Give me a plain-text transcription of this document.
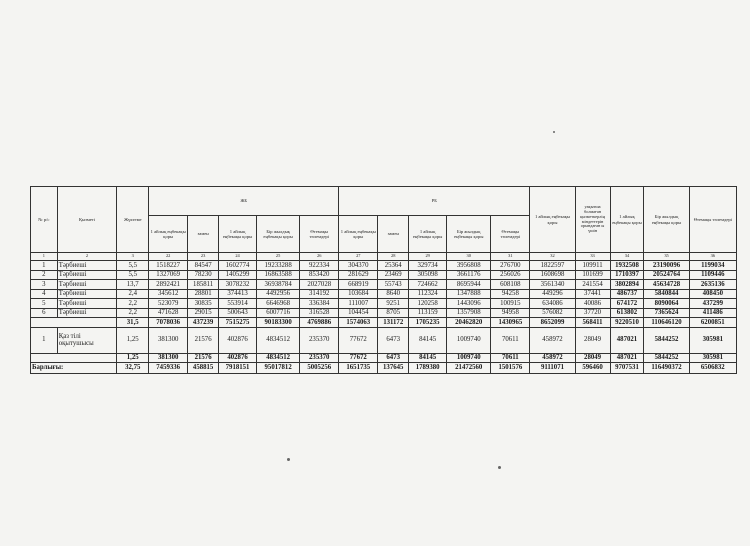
№ р/с	Қызметі	Жүктеме	ЖБ					РБ					1 айлық еңбекақы қоры	уақытша болмаған қызметкерлің міндеттерін орындаған ы үшін	1 айлық еңбекақы қоры	Бір жылдық еңбекақы қоры	Өтемақы төлемдері
			1 айлық еңбекақы қоры	замен	1 айлық еңбекақы қоры	Бір жылдық еңбекақы қоры	Өтемақы төлемдері	1 айлық еңбекақы қоры	замен	1 айлық еңбекақы қоры	Бір жылдық еңбекақы қоры	Өтемақы төлемдері					
1	2	3	22	23	24	25	26	27	28	29	30	31	32	33	34	35	36
1	Тәрбиеші	5,5	1518227	84547	1602774	19233288	922334	304370	25364	329734	3956808	276700	1822597	109911	1932508	23190096	1199034
2	Тәрбиеші	5,5	1327069	78230	1405299	16863588	853420	281629	23469	305098	3661176	256026	1608698	101699	1710397	20524764	1109446
3	Тәрбиеші	13,7	2892421	185811	3078232	36938784	2027028	668919	55743	724662	8695944	608108	3561340	241554	3802894	45634728	2635136
4	Тәрбиеші	2,4	345612	28801	374413	4492956	314192	103684	8640	112324	1347888	94258	449296	37441	486737	5840844	408450
5	Тәрбиеші	2,2	523079	30835	553914	6646968	336384	111007	9251	120258	1443096	100915	634086	40086	674172	8090064	437299
6	Тәрбиеші	2,2	471628	29015	500643	6007716	316528	104454	8705	113159	1357908	94958	576082	37720	613802	7365624	411486
		31,5	7078036	437239	7515275	90183300	4769886	1574063	131172	1705235	20462820	1430965	8652099	568411	9220510	110646120	6200851
1	Қаз тілі оқытушысы	1,25	381300	21576	402876	4834512	235370	77672	6473	84145	1009740	70611	458972	28049	487021	5844252	305981
		1,25	381300	21576	402876	4834512	235370	77672	6473	84145	1009740	70611	458972	28049	487021	5844252	305981
Барлығы:		32,75	7459336	458815	7918151	95017812	5005256	1651735	137645	1789380	21472560	1501576	9111071	596460	9707531	116490372	6506832
